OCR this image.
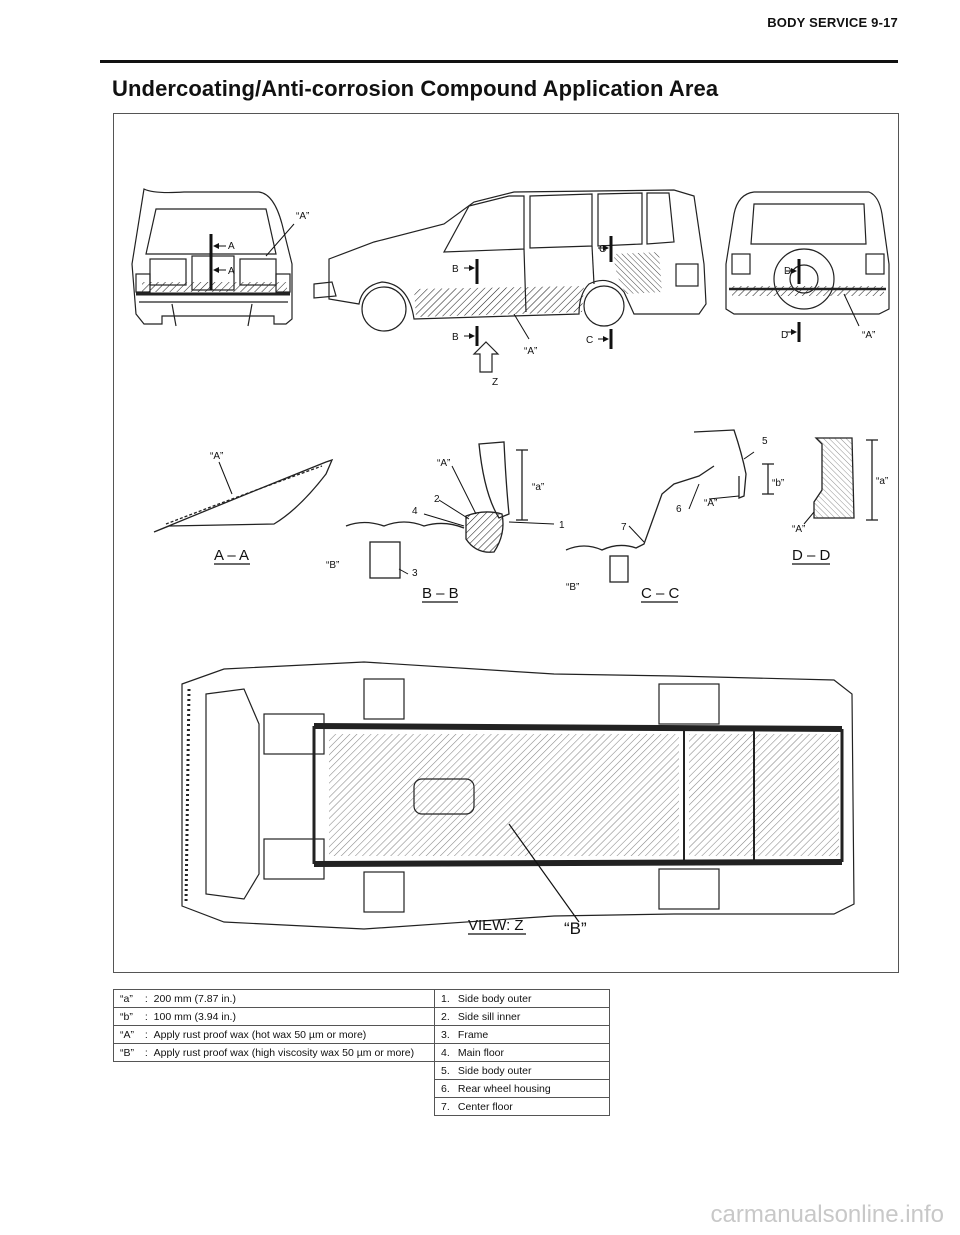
BODY SERVICE 9-17
Undercoating/Anti-corrosion Compound Application Area
A
A
“A”
B
B
C
C
“A”
Z
D
D	“A”
“A”
A – A
“A”
“a”
“B”
1
2
3
4
B – B
5
6
7
“b”
“A”
“B”	C – C
“a”
“A”
D – D
VIEW: Z “B”
“a” :  200 mm (7.87 in.)	1. Side body outer
“b” :  100 mm (3.94 in.)	2. Side sill inner
“A” :  Apply rust proof wax (hot wax 50 µm or more)	3. Frame
“B” :  Apply rust proof wax (high viscosity wax 50 µm or more)	4. Main floor
	5. Side body outer
	6. Rear wheel housing
	7. Center floor
carmanualsonline.info
